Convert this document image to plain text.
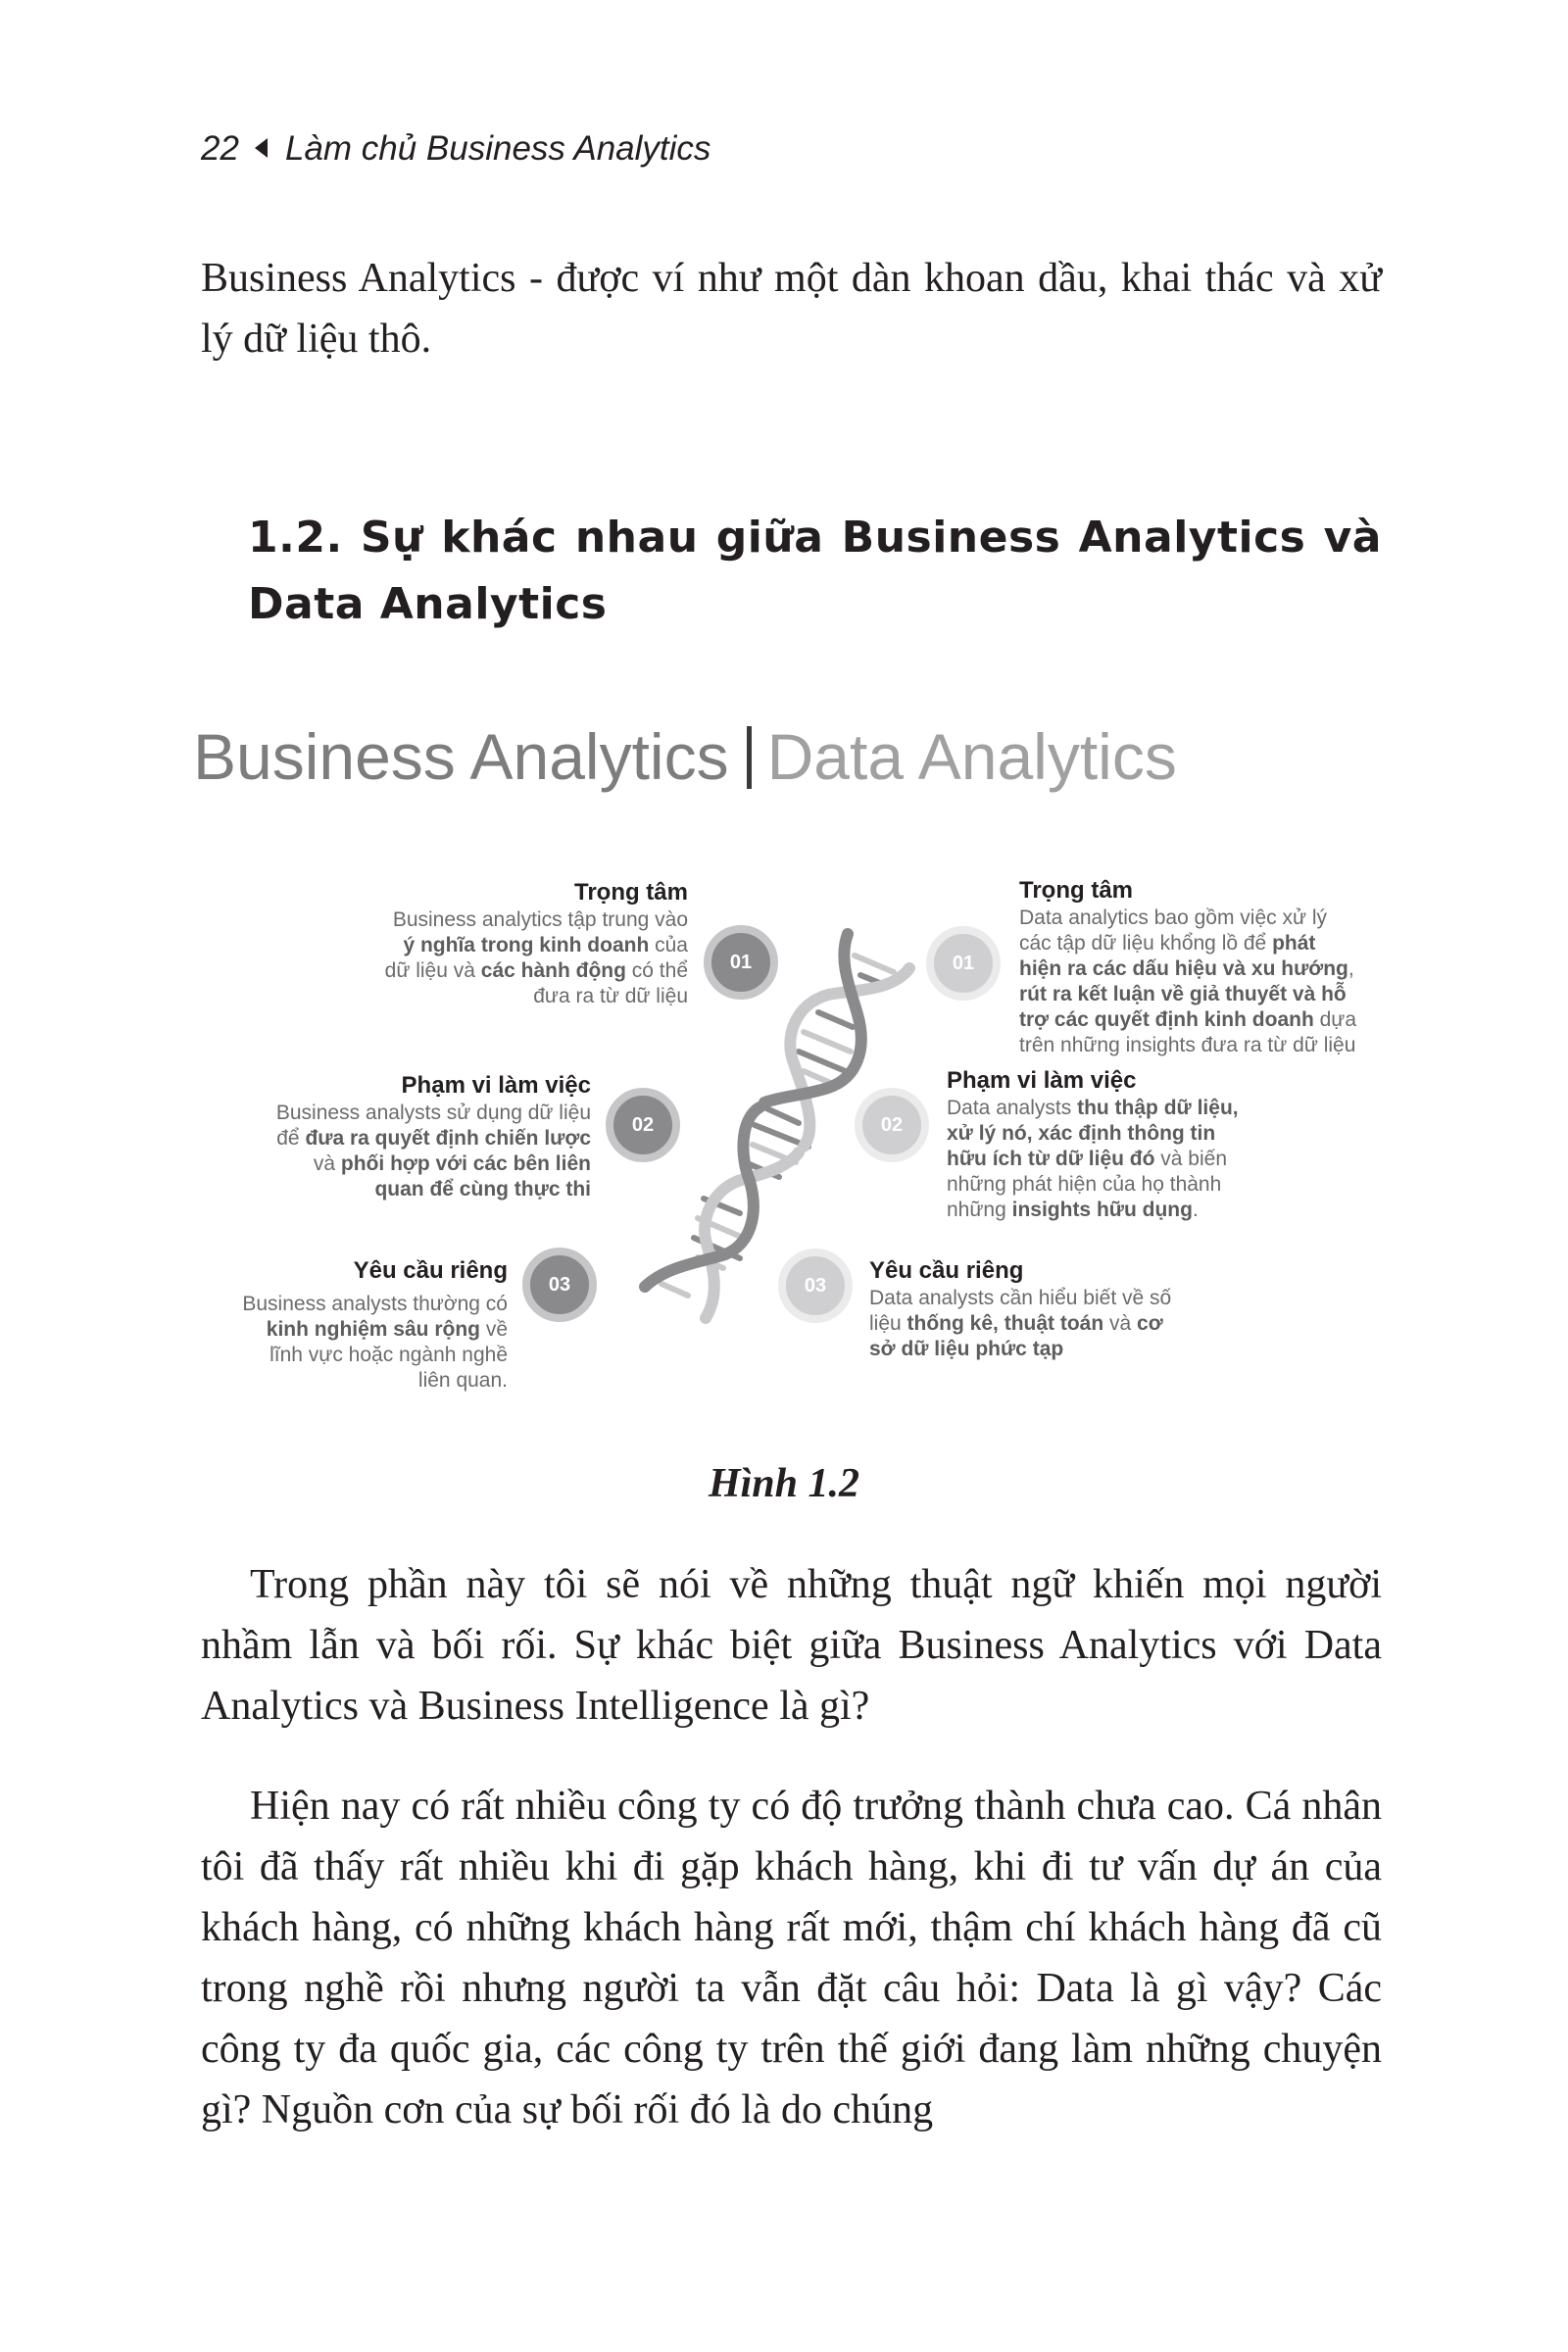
22 Làm chủ Business Analytics
Business Analytics - được ví như một dàn khoan dầu, khai thác và xử lý dữ liệu thô.
1.2. Sự khác nhau giữa Business Analytics và Data Analytics
Business Analytics Data Analytics
Trọng tâm
Business analytics tập trung vào
ý nghĩa trong kinh doanh của
dữ liệu và các hành động có thể
đưa ra từ dữ liệu
01
Phạm vi làm việc
Business analysts sử dụng dữ liệu
để đưa ra quyết định chiến lược
và phối hợp với các bên liên
quan để cùng thực thi
02
Yêu cầu riêng
Business analysts thường có
kinh nghiệm sâu rộng về
lĩnh vực hoặc ngành nghề
liên quan.
03
01
Trọng tâm
Data analytics bao gồm việc xử lý
các tập dữ liệu khổng lồ để phát
hiện ra các dấu hiệu và xu hướng,
rút ra kết luận về giả thuyết và hỗ
trợ các quyết định kinh doanh dựa
trên những insights đưa ra từ dữ liệu
02
Phạm vi làm việc
Data analysts thu thập dữ liệu,
xử lý nó, xác định thông tin
hữu ích từ dữ liệu đó và biến
những phát hiện của họ thành
những insights hữu dụng.
03
Yêu cầu riêng
Data analysts cần hiểu biết về số
liệu thống kê, thuật toán và cơ
sở dữ liệu phức tạp
Hình 1.2
Trong phần này tôi sẽ nói về những thuật ngữ khiến mọi người nhầm lẫn và bối rối. Sự khác biệt giữa Business Analytics với Data Analytics và Business Intelligence là gì?
Hiện nay có rất nhiều công ty có độ trưởng thành chưa cao. Cá nhân tôi đã thấy rất nhiều khi đi gặp khách hàng, khi đi tư vấn dự án của khách hàng, có những khách hàng rất mới, thậm chí khách hàng đã cũ trong nghề rồi nhưng người ta vẫn đặt câu hỏi: Data là gì vậy? Các công ty đa quốc gia, các công ty trên thế giới đang làm những chuyện gì? Nguồn cơn của sự bối rối đó là do chúng
